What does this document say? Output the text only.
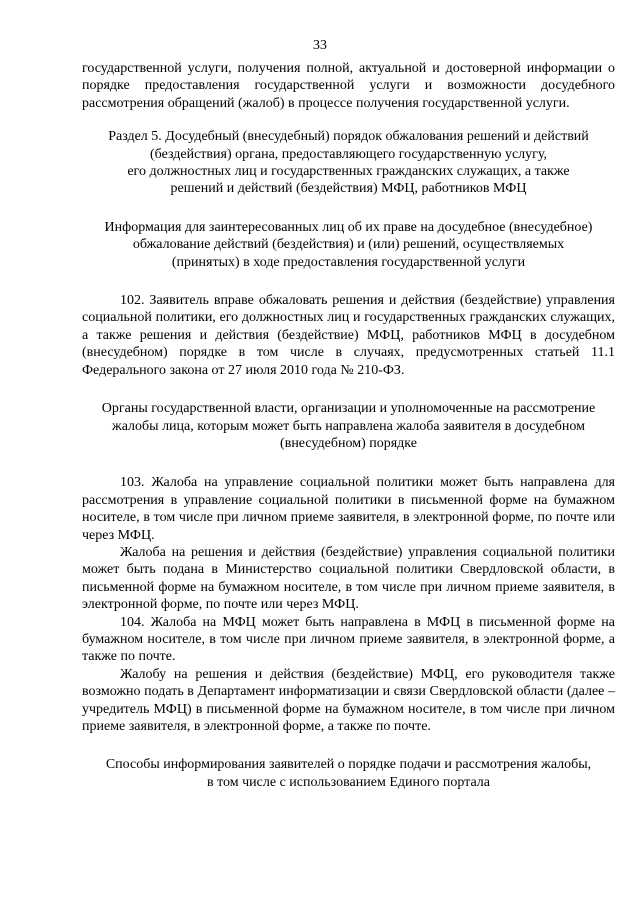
33

государственной услуги, получения полной, актуальной и достоверной информации о порядке предоставления государственной услуги и возможности досудебного рассмотрения обращений (жалоб) в процессе получения государственной услуги.

Раздел 5. Досудебный (внесудебный) порядок обжалования решений и действий
(бездействия) органа, предоставляющего государственную услугу,
его должностных лиц и государственных гражданских служащих, а также
решений и действий (бездействия) МФЦ, работников МФЦ
Информация для заинтересованных лиц об их праве на досудебное (внесудебное)
обжалование действий (бездействия) и (или) решений, осуществляемых
(принятых) в ходе предоставления государственной услуги

102. Заявитель вправе обжаловать решения и действия (бездействие) управления социальной политики, его должностных лиц и государственных гражданских служащих, а также решения и действия (бездействие) МФЦ, работников МФЦ в досудебном (внесудебном) порядке в том числе в случаях, предусмотренных статьей 11.1 Федерального закона от 27 июля 2010 года № 210-ФЗ.

Органы государственной власти, организации и уполномоченные на рассмотрение
жалобы лица, которым может быть направлена жалоба заявителя в досудебном
(внесудебном) порядке

103. Жалоба на управление социальной политики может быть направлена для рассмотрения в управление социальной политики в письменной форме на бумажном носителе, в том числе при личном приеме заявителя, в электронной форме, по почте или через МФЦ.

Жалоба на решения и действия (бездействие) управления социальной политики может быть подана в Министерство социальной политики Свердловской области, в письменной форме на бумажном носителе, в том числе при личном приеме заявителя, в электронной форме, по почте или через МФЦ.

104. Жалоба на МФЦ может быть направлена в МФЦ в письменной форме на бумажном носителе, в том числе при личном приеме заявителя, в электронной форме, а также по почте.

Жалобу на решения и действия (бездействие) МФЦ, его руководителя также возможно подать в Департамент информатизации и связи Свердловской области (далее – учредитель МФЦ) в письменной форме на бумажном носителе, в том числе при личном приеме заявителя, в электронной форме, а также по почте.

Способы информирования заявителей о порядке подачи и рассмотрения жалобы,
в том числе с использованием Единого портала
